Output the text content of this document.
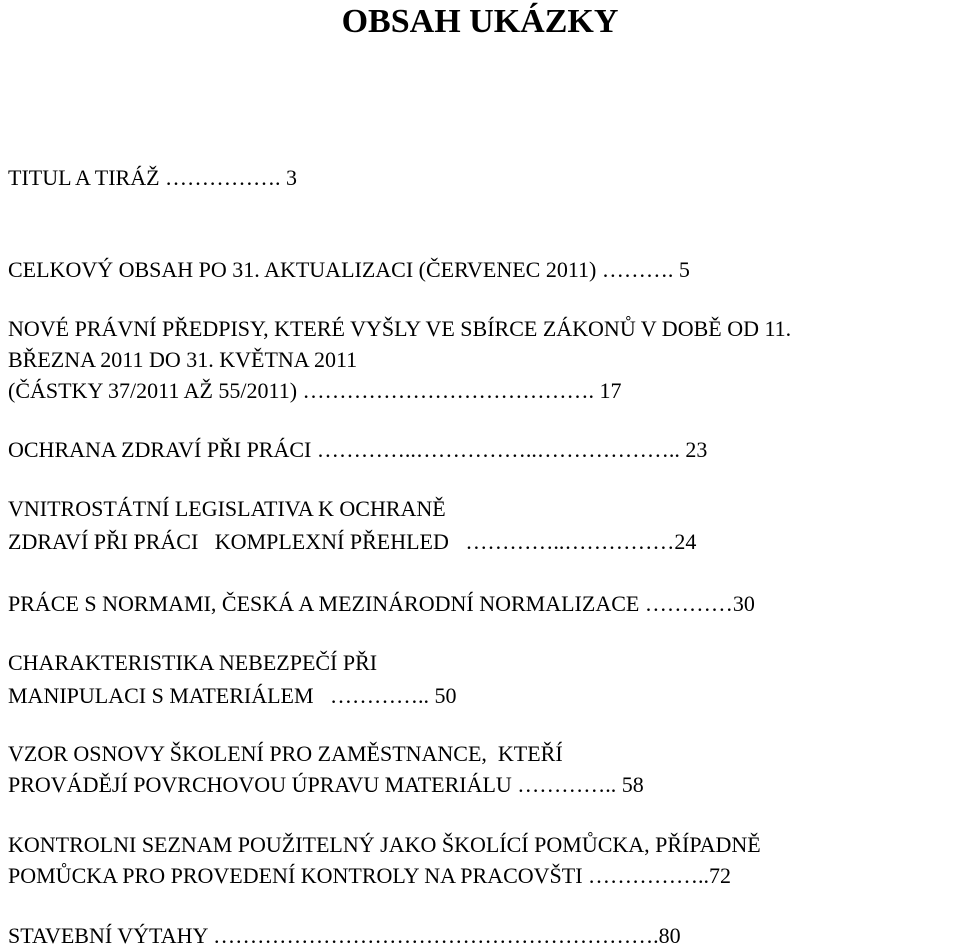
OBSAH UKÁZKY

TITUL A TIRÁŽ ……………. 3

CELKOVÝ OBSAH PO 31. AKTUALIZACI (ČERVENEC 2011) ………. 5

NOVÉ PRÁVNÍ PŘEDPISY, KTERÉ VYŠLY VE SBÍRCE ZÁKONŮ V DOBĚ OD 11.

BŘEZNA 2011 DO 31. KVĚTNA 2011

(ČÁSTKY 37/2011 AŽ 55/2011) …………………………………. 17

OCHRANA ZDRAVÍ PŘI PRÁCI …………..……………..……………….. 23

VNITROSTÁTNÍ LEGISLATIVA K OCHRANĚ

ZDRAVÍ PŘI PRÁCI   KOMPLEXNÍ PŘEHLED   …………..……………24

PRÁCE S NORMAMI, ČESKÁ A MEZINÁRODNÍ NORMALIZACE …………30

CHARAKTERISTIKA NEBEZPEČÍ PŘI

MANIPULACI S MATERIÁLEM   ………….. 50

VZOR OSNOVY ŠKOLENÍ PRO ZAMĚSTNANCE,  KTEŘÍ

PROVÁDĚJÍ POVRCHOVOU ÚPRAVU MATERIÁLU ………….. 58

KONTROLNI SEZNAM POUŽITELNÝ JAKO ŠKOLÍCÍ POMŮCKA, PŘÍPADNĚ

POMŮCKA PRO PROVEDENÍ KONTROLY NA PRACOVŠTI ……………..72

STAVEBNÍ VÝTAHY …………………………………………………….80
